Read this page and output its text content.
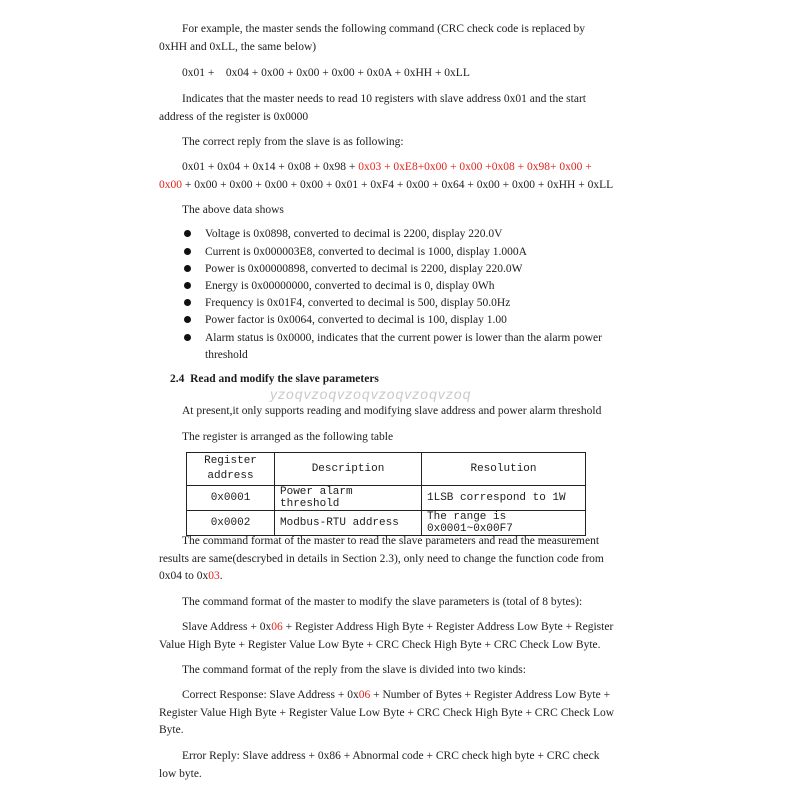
For example, the master sends the following command (CRC check code is replaced by
0xHH and 0xLL, the same below)
0x01 +    0x04 + 0x00 + 0x00 + 0x00 + 0x0A + 0xHH + 0xLL
Indicates that the master needs to read 10 registers with slave address 0x01 and the start
address of the register is 0x0000
The correct reply from the slave is as following:
0x01 + 0x04 + 0x14 + 0x08 + 0x98 + 0x03 + 0xE8+0x00 + 0x00 +0x08 + 0x98+ 0x00 +
0x00 + 0x00 + 0x00 + 0x00 + 0x00 + 0x01 + 0xF4 + 0x00 + 0x64 + 0x00 + 0x00 + 0xHH + 0xLL
The above data shows
Voltage is 0x0898, converted to decimal is 2200, display 220.0V
Current is 0x000003E8, converted to decimal is 1000, display 1.000A
Power is 0x00000898, converted to decimal is 2200, display 220.0W
Energy is 0x00000000, converted to decimal is 0, display 0Wh
Frequency is 0x01F4, converted to decimal is 500, display 50.0Hz
Power factor is 0x0064, converted to decimal is 100, display 1.00
Alarm status is 0x0000, indicates that the current power is lower than the alarm power
threshold
2.4  Read and modify the slave parameters
yzoqvzoqvzoqvzoqvzoqvzoq
At present,it only supports reading and modifying slave address and power alarm threshold
The register is arranged as the following table
Register address	Description	Resolution
0x0001	Power alarm threshold	1LSB correspond to 1W
0x0002	Modbus-RTU address	The range is 0x0001~0x00F7
The command format of the master to read the slave parameters and read the measurement
results are same(descrybed in details in Section 2.3), only need to change the function code from
0x04 to 0x03.
The command format of the master to modify the slave parameters is (total of 8 bytes):
Slave Address + 0x06 + Register Address High Byte + Register Address Low Byte + Register
Value High Byte + Register Value Low Byte + CRC Check High Byte + CRC Check Low Byte.
The command format of the reply from the slave is divided into two kinds:
Correct Response: Slave Address + 0x06 + Number of Bytes + Register Address Low Byte +
Register Value High Byte + Register Value Low Byte + CRC Check High Byte + CRC Check Low
Byte.
Error Reply: Slave address + 0x86 + Abnormal code + CRC check high byte + CRC check
low byte.
